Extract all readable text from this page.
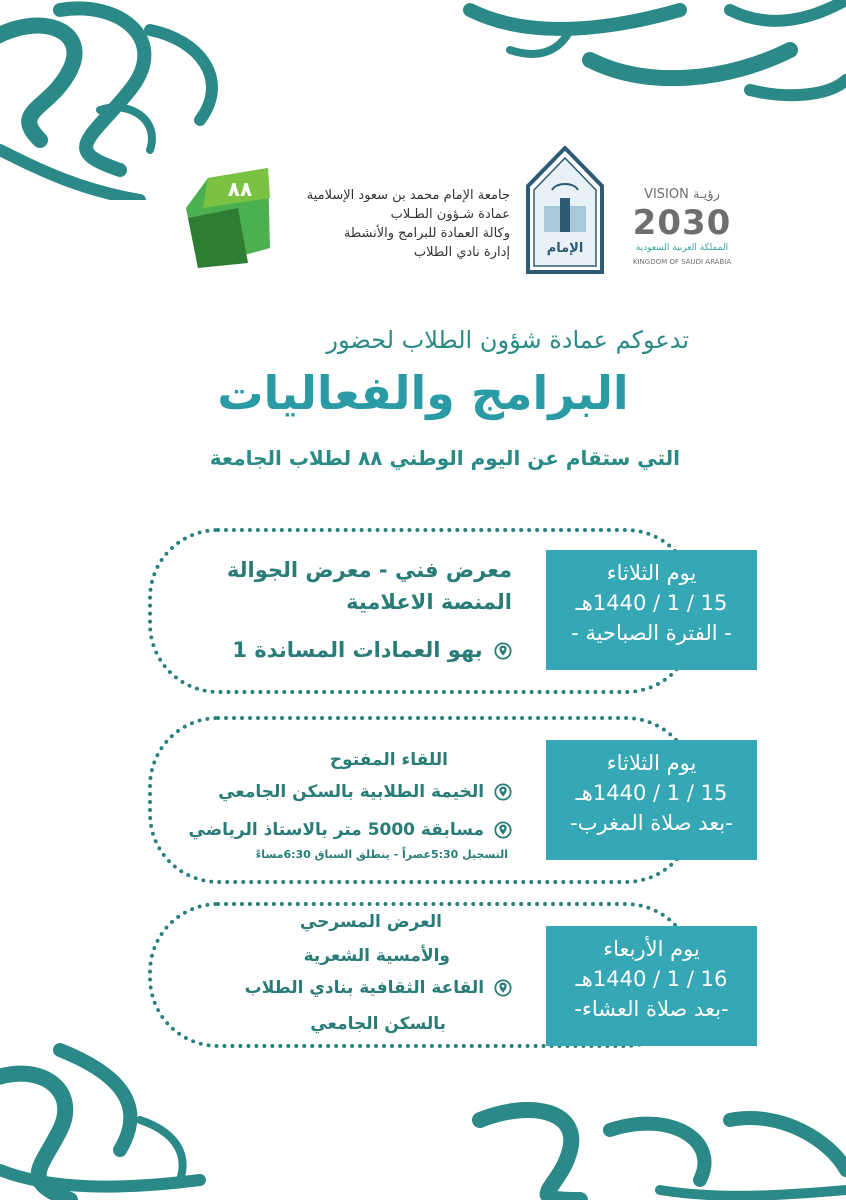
٨٨	جامعة الإمام محمد بن سعود الإسلامية
عمادة شـؤون الطـلاب
وكالة العمادة للبرامج والأنشطة
إدارة نادي الطلاب	الإمام
VISION رؤيـة
2030
المملكة العربية السعودية
KINGDOM OF SAUDI ARABIA
تدعوكم عمادة شؤون الطلاب لحضور
البرامج والفعاليات
التي ستقام عن اليوم الوطني ٨٨ لطلاب الجامعة
معرض فني - معرض الجوالة
المنصة الاعلامية
بهو العمادات المساندة 1
يوم الثلاثاء
15 / 1 / 1440هـ
- الفترة الصباحية -
اللقاء المفتوح
الخيمة الطلابية بالسكن الجامعي
مسابقة 5000 متر بالاستاذ الرياضي
التسجيل 5:30عصراً - ينطلق السباق 6:30مساءً
يوم الثلاثاء
15 / 1 / 1440هـ
-بعد صلاة المغرب-
العرض المسرحي
والأمسية الشعرية
القاعة الثقافية بنادي الطلاب
بالسكن الجامعي
يوم الأربعاء
16 / 1 / 1440هـ
-بعد صلاة العشاء-
